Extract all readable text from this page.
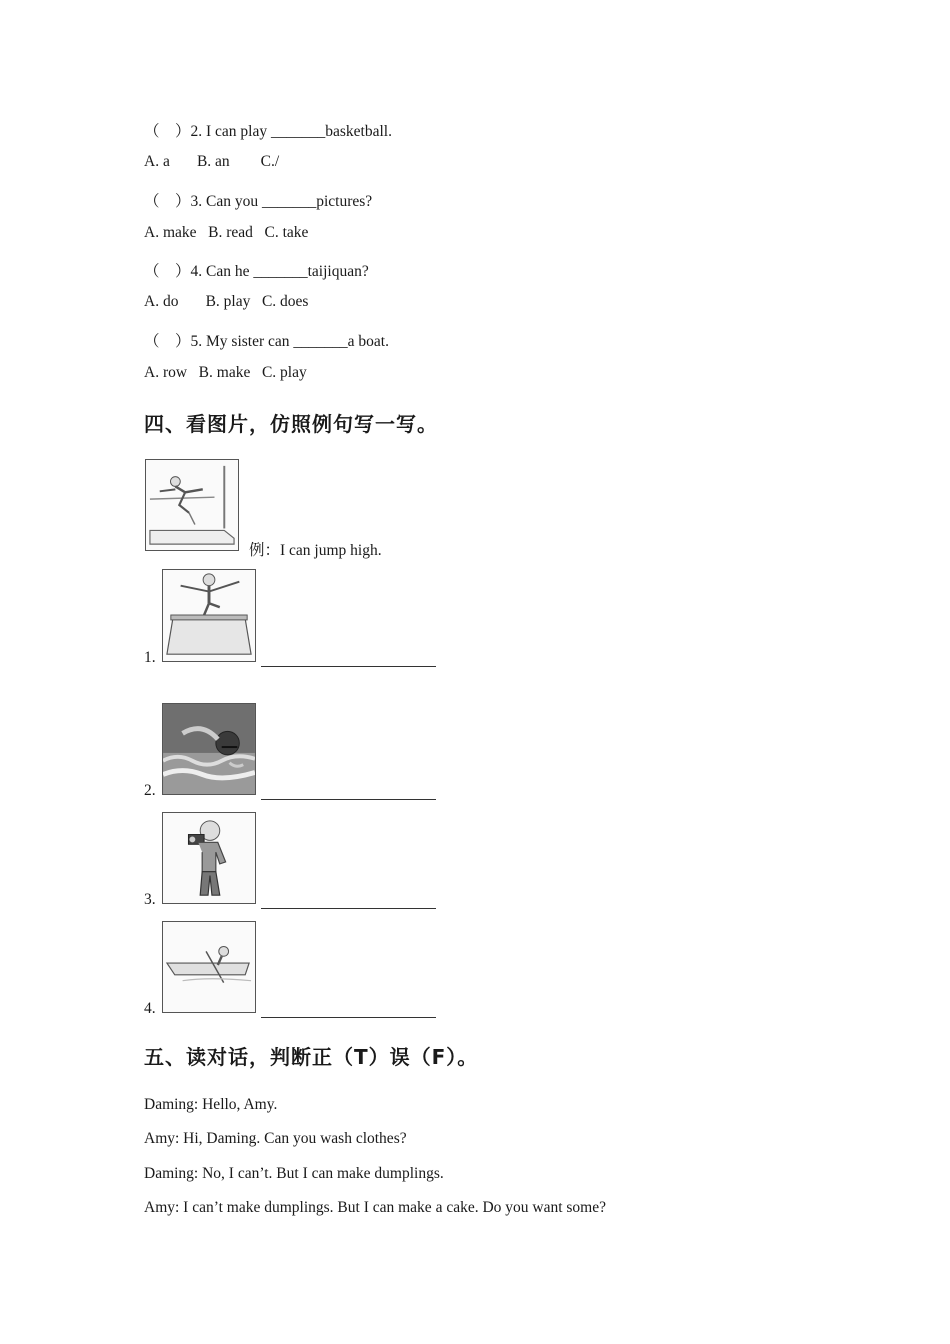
（    ）2. I can play _______basketball.
A. a       B. an        C./
（    ）3. Can you _______pictures?
A. make   B. read   C. take
（    ）4. Can he _______taijiquan?
A. do       B. play   C. does
（    ）5. My sister can _______a boat.
A. row   B. make   C. play
四、看图片，仿照例句写一写。
例：I can jump high.
1.
2.
3.
4.
五、读对话，判断正（T）误（F）。
Daming: Hello, Amy.
Amy: Hi, Daming. Can you wash clothes?
Daming: No, I can’t. But I can make dumplings.
Amy: I can’t make dumplings. But I can make a cake. Do you want some?
